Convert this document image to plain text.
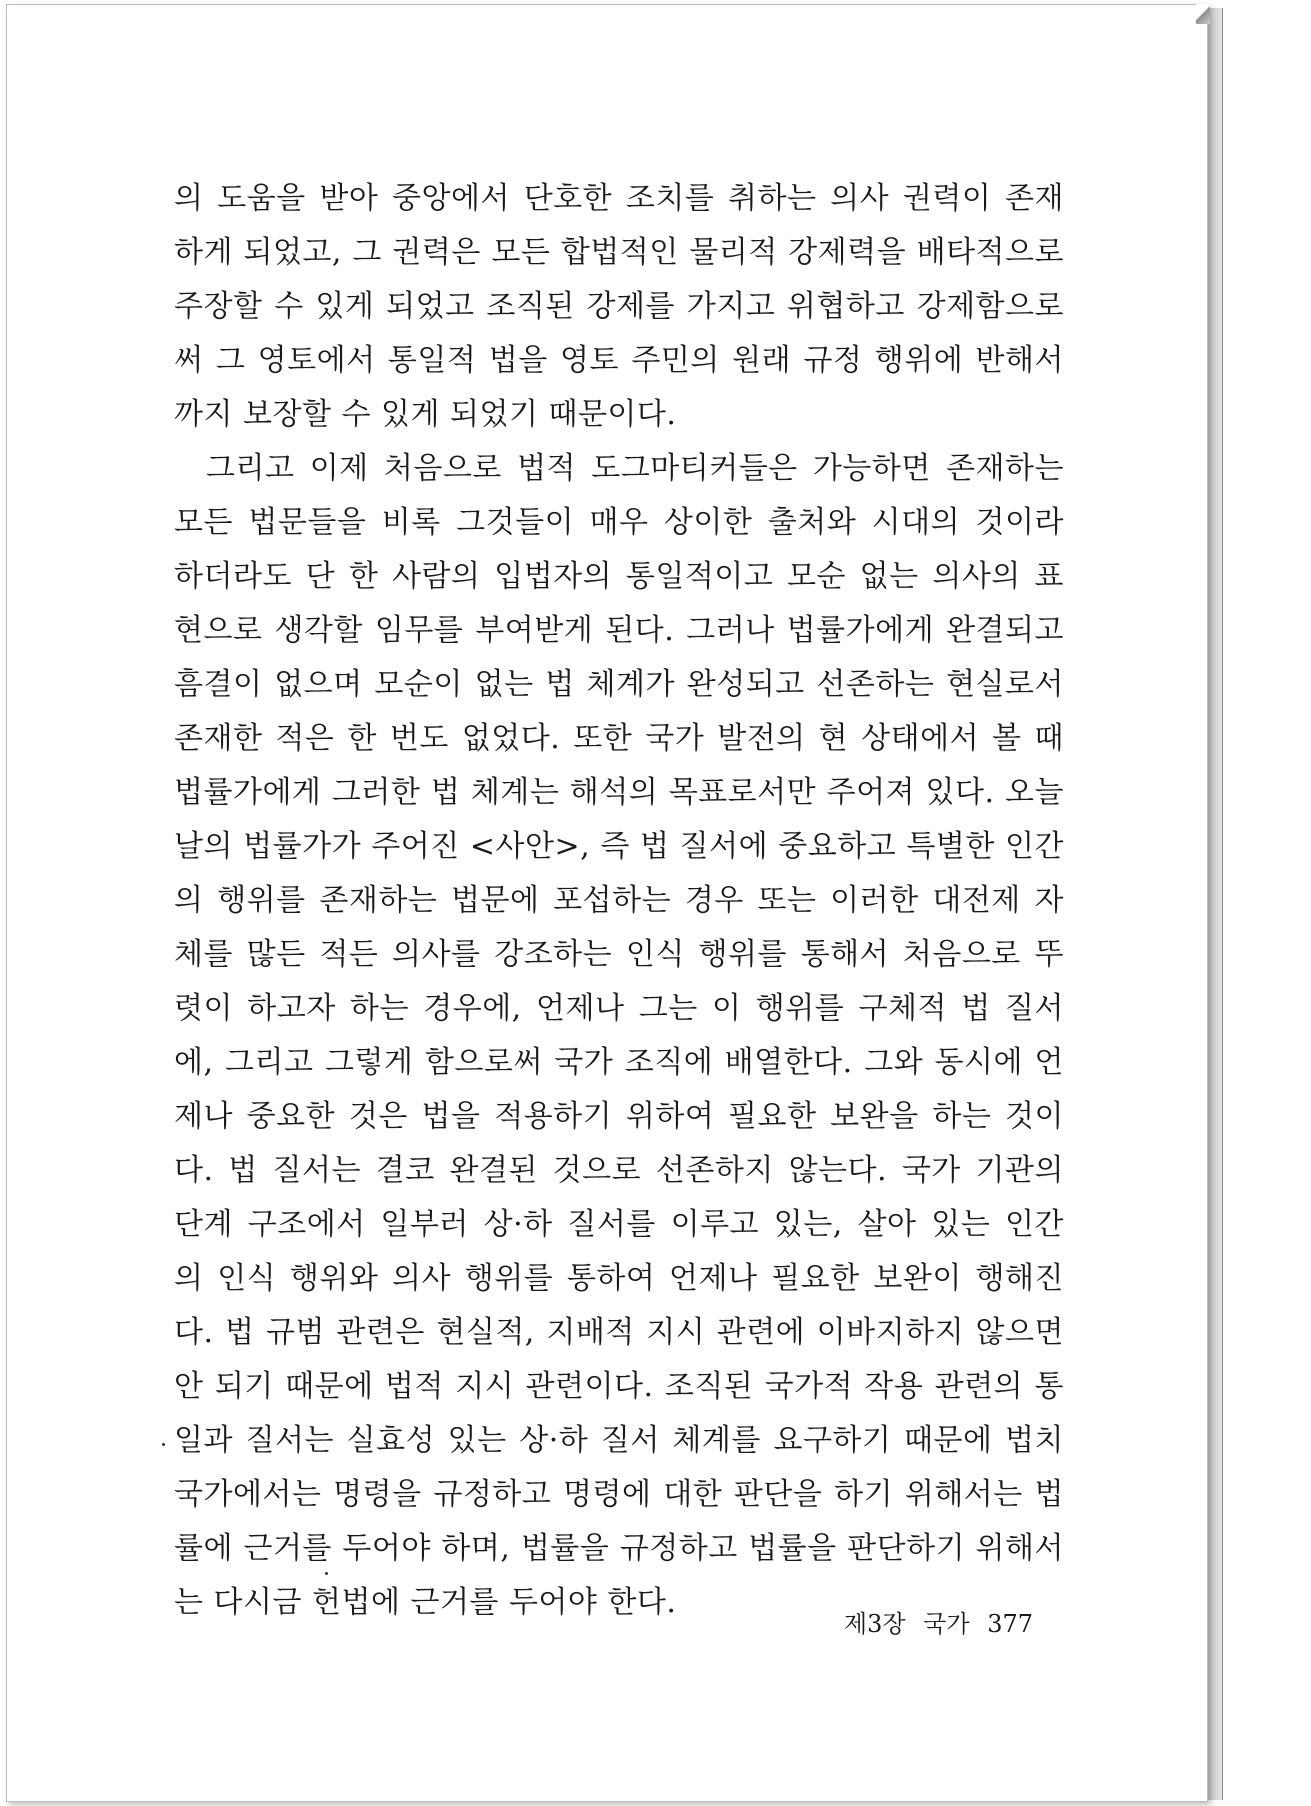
의 도움을 받아 중앙에서 단호한 조치를 취하는 의사 권력이 존재
하게 되었고, 그 권력은 모든 합법적인 물리적 강제력을 배타적으로
주장할 수 있게 되었고 조직된 강제를 가지고 위협하고 강제함으로
써 그 영토에서 통일적 법을 영토 주민의 원래 규정 행위에 반해서
까지 보장할 수 있게 되었기 때문이다.
그리고 이제 처음으로 법적 도그마티커들은 가능하면 존재하는
모든 법문들을 비록 그것들이 매우 상이한 출처와 시대의 것이라
하더라도 단 한 사람의 입법자의 통일적이고 모순 없는 의사의 표
현으로 생각할 임무를 부여받게 된다. 그러나 법률가에게 완결되고
흠결이 없으며 모순이 없는 법 체계가 완성되고 선존하는 현실로서
존재한 적은 한 번도 없었다. 또한 국가 발전의 현 상태에서 볼 때
법률가에게 그러한 법 체계는 해석의 목표로서만 주어져 있다. 오늘
날의 법률가가 주어진 <사안>, 즉 법 질서에 중요하고 특별한 인간
의 행위를 존재하는 법문에 포섭하는 경우 또는 이러한 대전제 자
체를 많든 적든 의사를 강조하는 인식 행위를 통해서 처음으로 뚜
렷이 하고자 하는 경우에, 언제나 그는 이 행위를 구체적 법 질서
에, 그리고 그렇게 함으로써 국가 조직에 배열한다. 그와 동시에 언
제나 중요한 것은 법을 적용하기 위하여 필요한 보완을 하는 것이
다. 법 질서는 결코 완결된 것으로 선존하지 않는다. 국가 기관의
단계 구조에서 일부러 상·하 질서를 이루고 있는, 살아 있는 인간
의 인식 행위와 의사 행위를 통하여 언제나 필요한 보완이 행해진
다. 법 규범 관련은 현실적, 지배적 지시 관련에 이바지하지 않으면
안 되기 때문에 법적 지시 관련이다. 조직된 국가적 작용 관련의 통
일과 질서는 실효성 있는 상·하 질서 체계를 요구하기 때문에 법치
국가에서는 명령을 규정하고 명령에 대한 판단을 하기 위해서는 법
률에 근거를 두어야 하며, 법률을 규정하고 법률을 판단하기 위해서
는 다시금 헌법에 근거를 두어야 한다.
제3장 국가 377
